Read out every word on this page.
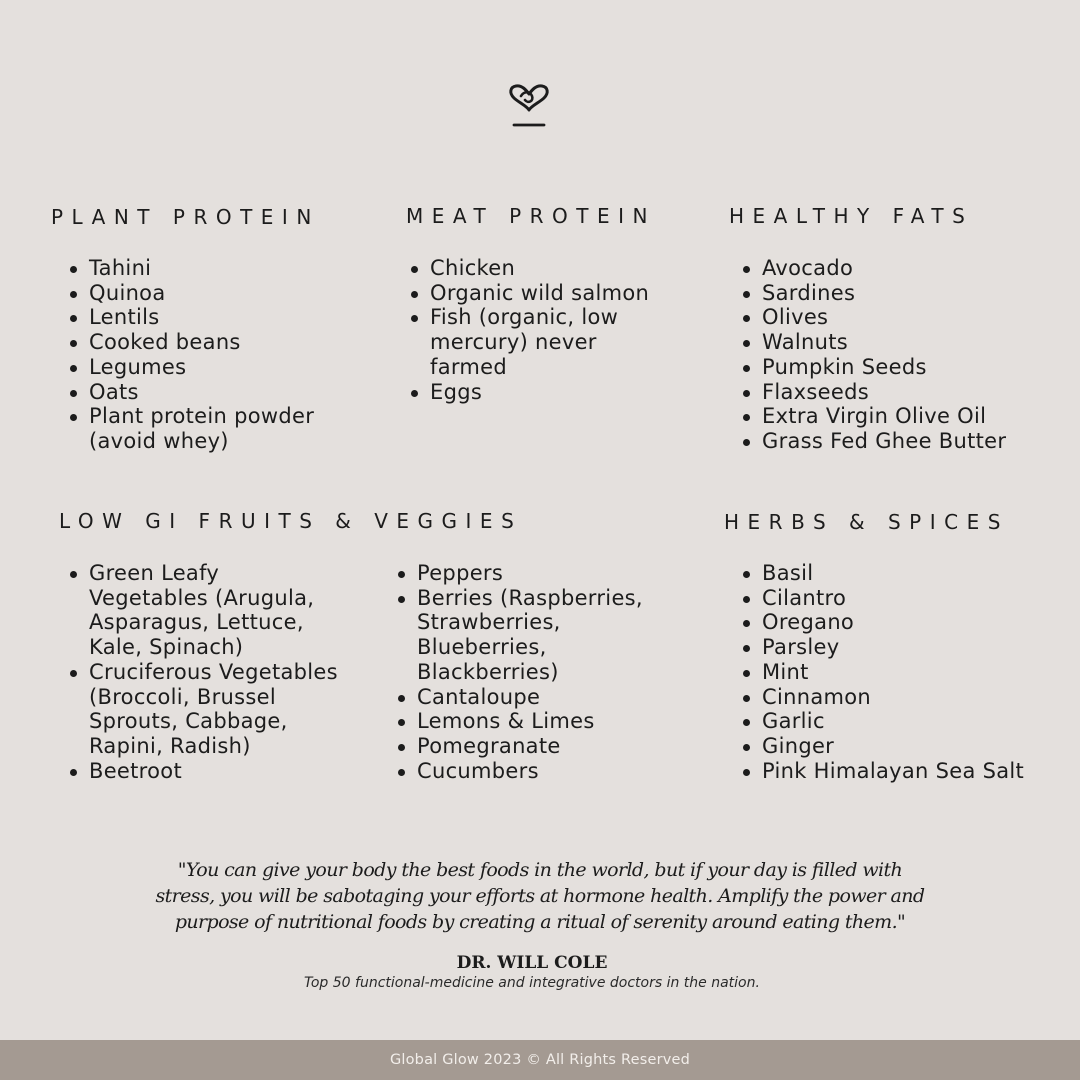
PLANT PROTEIN	MEAT PROTEIN	HEALTHY FATS
LOW GI FRUITS & VEGGIES	HERBS & SPICES
Tahini
Quinoa
Lentils
Cooked beans
Legumes
Oats
Plant protein powder
(avoid whey)
Chicken
Organic wild salmon
Fish (organic, low
mercury) never
farmed
Eggs
Avocado
Sardines
Olives
Walnuts
Pumpkin Seeds
Flaxseeds
Extra Virgin Olive Oil
Grass Fed Ghee Butter
Green Leafy
Vegetables (Arugula,
Asparagus, Lettuce,
Kale, Spinach)
Cruciferous Vegetables
(Broccoli, Brussel
Sprouts, Cabbage,
Rapini, Radish)
Beetroot
Peppers
Berries (Raspberries,
Strawberries,
Blueberries,
Blackberries)
Cantaloupe
Lemons & Limes
Pomegranate
Cucumbers
Basil
Cilantro
Oregano
Parsley
Mint
Cinnamon
Garlic
Ginger
Pink Himalayan Sea Salt

"You can give your body the best foods in the world, but if your day is filled with
stress, you will be sabotaging your efforts at hormone health. Amplify the power and
purpose of nutritional foods by creating a ritual of serenity around eating them."

DR. WILL COLE

Top 50 functional-medicine and integrative doctors in the nation.

Global Glow 2023 © All Rights Reserved
